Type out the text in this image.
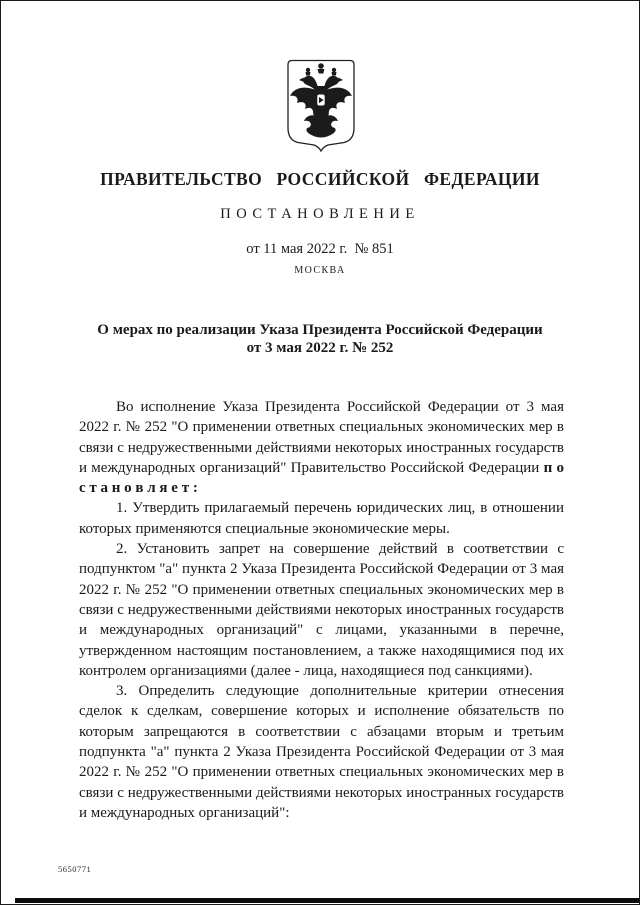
ПРАВИТЕЛЬСТВО РОССИЙСКОЙ ФЕДЕРАЦИИ
ПОСТАНОВЛЕНИЕ
от 11 мая 2022 г.  № 851
МОСКВА
О мерах по реализации Указа Президента Российской Федерации
от 3 мая 2022 г. № 252

Во исполнение Указа Президента Российской Федерации от 3 мая 2022 г. № 252 "О применении ответных специальных экономических мер в связи с недружественными действиями некоторых иностранных государств и международных организаций" Правительство Российской Федерации п о с т а н о в л я е т :

1. Утвердить прилагаемый перечень юридических лиц, в отношении которых применяются специальные экономические меры.

2. Установить запрет на совершение действий в соответствии с подпунктом "а" пункта 2 Указа Президента Российской Федерации от 3 мая 2022 г. № 252 "О применении ответных специальных экономических мер в связи с недружественными действиями некоторых иностранных государств и международных организаций" с лицами, указанными в перечне, утвержденном настоящим постановлением, а также находящимися под их контролем организациями (далее - лица, находящиеся под санкциями).

3. Определить следующие дополнительные критерии отнесения сделок к сделкам, совершение которых и исполнение обязательств по которым запрещаются в соответствии с абзацами вторым и третьим подпункта "а" пункта 2 Указа Президента Российской Федерации от 3 мая 2022 г. № 252 "О применении ответных специальных экономических мер в связи с недружественными действиями некоторых иностранных государств и международных организаций":

5650771
